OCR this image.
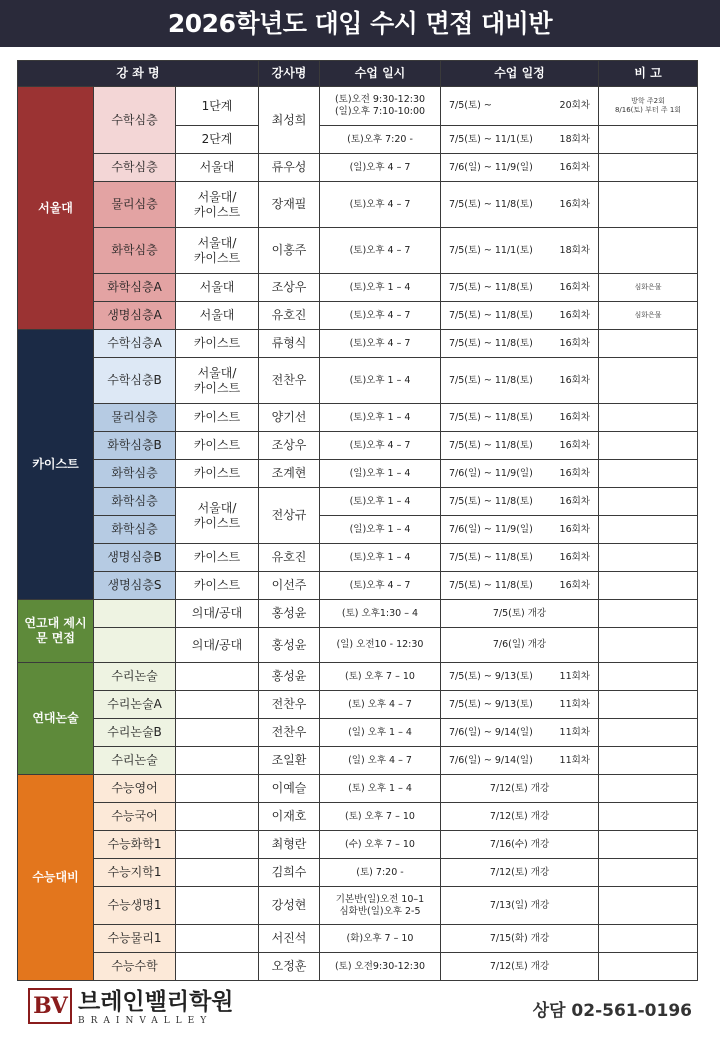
2026학년도 대입 수시 면접 대비반
강 좌 명			강사명	수업 일시	수업 일정	비 고
서울대	수학심층	1단계	최성희	(토)오전 9:30-12:30
(일)오후 7:10-10:00	7/5(토) ~ 20회차	방학 주2회
8/16(토) 부터 주 1회
		2단계		(토)오후 7:20 -	7/5(토) ~ 11/1(토) 18회차	

	수학심층	서울대	류우성	(일)오후 4 – 7	7/6(일) ~ 11/9(일) 16회차	

	물리심층	서울대/
카이스트	장재필	(토)오후 4 – 7	7/5(토) ~ 11/8(토) 16회차	

	화학심층	서울대/
카이스트	이홍주	(토)오후 4 – 7	7/5(토) ~ 11/1(토) 18회차	

	화학심층A	서울대	조상우	(토)오후 1 – 4	7/5(토) ~ 11/8(토) 16회차	심화은물
	생명심층A	서울대	유호진	(토)오후 4 – 7	7/5(토) ~ 11/8(토) 16회차	심화은물
카이스트	수학심층A	카이스트	류형식	(토)오후 4 – 7	7/5(토) ~ 11/8(토) 16회차	

	수학심층B	서울대/
카이스트	전찬우	(토)오후 1 – 4	7/5(토) ~ 11/8(토) 16회차	

	물리심층	카이스트	양기선	(토)오후 1 – 4	7/5(토) ~ 11/8(토) 16회차	

	화학심층B	카이스트	조상우	(토)오후 4 – 7	7/5(토) ~ 11/8(토) 16회차	

	화학심층	카이스트	조계현	(일)오후 1 – 4	7/6(일) ~ 11/9(일) 16회차	

	화학심층	서울대/
카이스트	전상규	(토)오후 1 – 4	7/5(토) ~ 11/8(토) 16회차	

	화학심층			(일)오후 1 – 4	7/6(일) ~ 11/9(일) 16회차	

	생명심층B	카이스트	유호진	(토)오후 1 – 4	7/5(토) ~ 11/8(토) 16회차	

	생명심층S	카이스트	이선주	(토)오후 4 – 7	7/5(토) ~ 11/8(토) 16회차	

연고대 제시문 면접		의대/공대	홍성윤	(토) 오후1:30 – 4	7/5(토) 개강	
		의대/공대	홍성윤	(일) 오전10 - 12:30	7/6(일) 개강	
연대논술	수리논술		홍성윤	(토) 오후 7 – 10	7/5(토) ~ 9/13(토) 11회차	

	수리논술A		전찬우	(토) 오후 4 – 7	7/5(토) ~ 9/13(토) 11회차	

	수리논술B		전찬우	(일) 오후 1 – 4	7/6(일) ~ 9/14(일) 11회차	

	수리논술		조일환	(일) 오후 4 – 7	7/6(일) ~ 9/14(일) 11회차	

수능대비	수능영어		이예슬	(토) 오후 1 – 4	7/12(토) 개강	
	수능국어		이재호	(토) 오후 7 – 10	7/12(토) 개강	
	수능화학1		최형란	(수) 오후 7 – 10	7/16(수) 개강	
	수능지학1		김희수	(토) 7:20 -	7/12(토) 개강	
	수능생명1		강성현	기본반(일)오전 10–1
심화반(일)오후 2-5	7/13(일) 개강	
	수능물리1		서진석	(화)오후 7 – 10	7/15(화) 개강	
	수능수학		오정훈	(토) 오전9:30-12:30	7/12(토) 개강	
BV 브레인밸리학원
BRAINVALLEY	상담 02-561-0196
